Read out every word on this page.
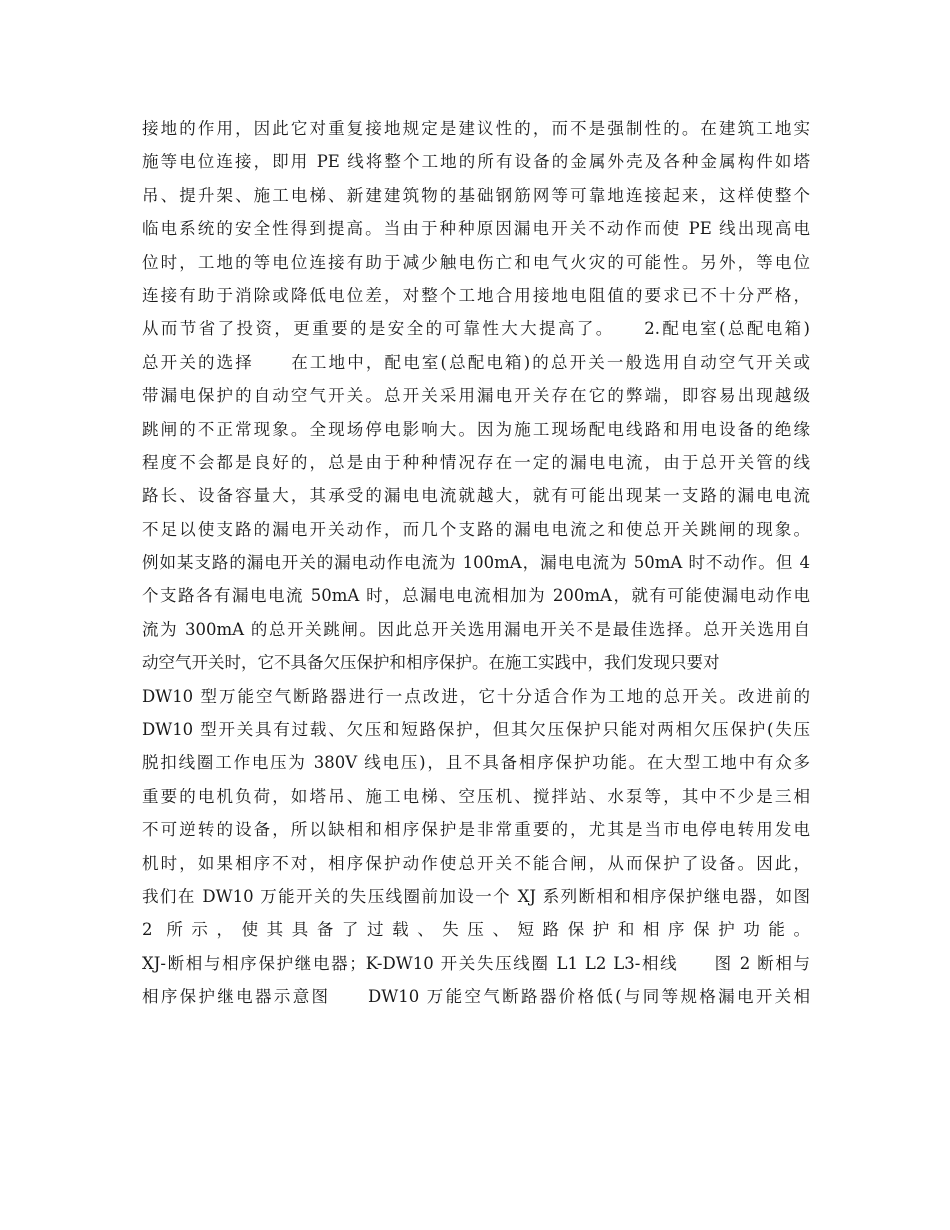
接地的作用，因此它对重复接地规定是建议性的，而不是强制性的。在建筑工地实
施等电位连接，即用 PE 线将整个工地的所有设备的金属外壳及各种金属构件如塔
吊、提升架、施工电梯、新建建筑物的基础钢筋网等可靠地连接起来，这样使整个
临电系统的安全性得到提高。当由于种种原因漏电开关不动作而使 PE 线出现高电
位时，工地的等电位连接有助于减少触电伤亡和电气火灾的可能性。另外，等电位
连接有助于消除或降低电位差，对整个工地合用接地电阻值的要求已不十分严格，
从而节省了投资，更重要的是安全的可靠性大大提高了。　　2.配电室(总配电箱)
总开关的选择　　在工地中，配电室(总配电箱)的总开关一般选用自动空气开关或
带漏电保护的自动空气开关。总开关采用漏电开关存在它的弊端，即容易出现越级
跳闸的不正常现象。全现场停电影响大。因为施工现场配电线路和用电设备的绝缘
程度不会都是良好的，总是由于种种情况存在一定的漏电电流，由于总开关管的线
路长、设备容量大，其承受的漏电电流就越大，就有可能出现某一支路的漏电电流
不足以使支路的漏电开关动作，而几个支路的漏电电流之和使总开关跳闸的现象。
例如某支路的漏电开关的漏电动作电流为 100mA，漏电电流为 50mA 时不动作。但 4
个支路各有漏电电流 50mA 时，总漏电电流相加为 200mA，就有可能使漏电动作电
流为 300mA 的总开关跳闸。因此总开关选用漏电开关不是最佳选择。总开关选用自
动空气开关时，它不具备欠压保护和相序保护。在施工实践中，我们发现只要对
DW10 型万能空气断路器进行一点改进，它十分适合作为工地的总开关。改进前的
DW10 型开关具有过载、欠压和短路保护，但其欠压保护只能对两相欠压保护(失压
脱扣线圈工作电压为 380V 线电压)，且不具备相序保护功能。在大型工地中有众多
重要的电机负荷，如塔吊、施工电梯、空压机、搅拌站、水泵等，其中不少是三相
不可逆转的设备，所以缺相和相序保护是非常重要的，尤其是当市电停电转用发电
机时，如果相序不对，相序保护动作使总开关不能合闸，从而保护了设备。因此，
我们在 DW10 万能开关的失压线圈前加设一个 XJ 系列断相和相序保护继电器，如图
2 所示，使其具备了过载、失压、短路保护和相序保护功能。
XJ-断相与相序保护继电器；K-DW10 开关失压线圈 L1 L2 L3-相线　　图 2 断相与
相序保护继电器示意图　　DW10 万能空气断路器价格低(与同等规格漏电开关相
